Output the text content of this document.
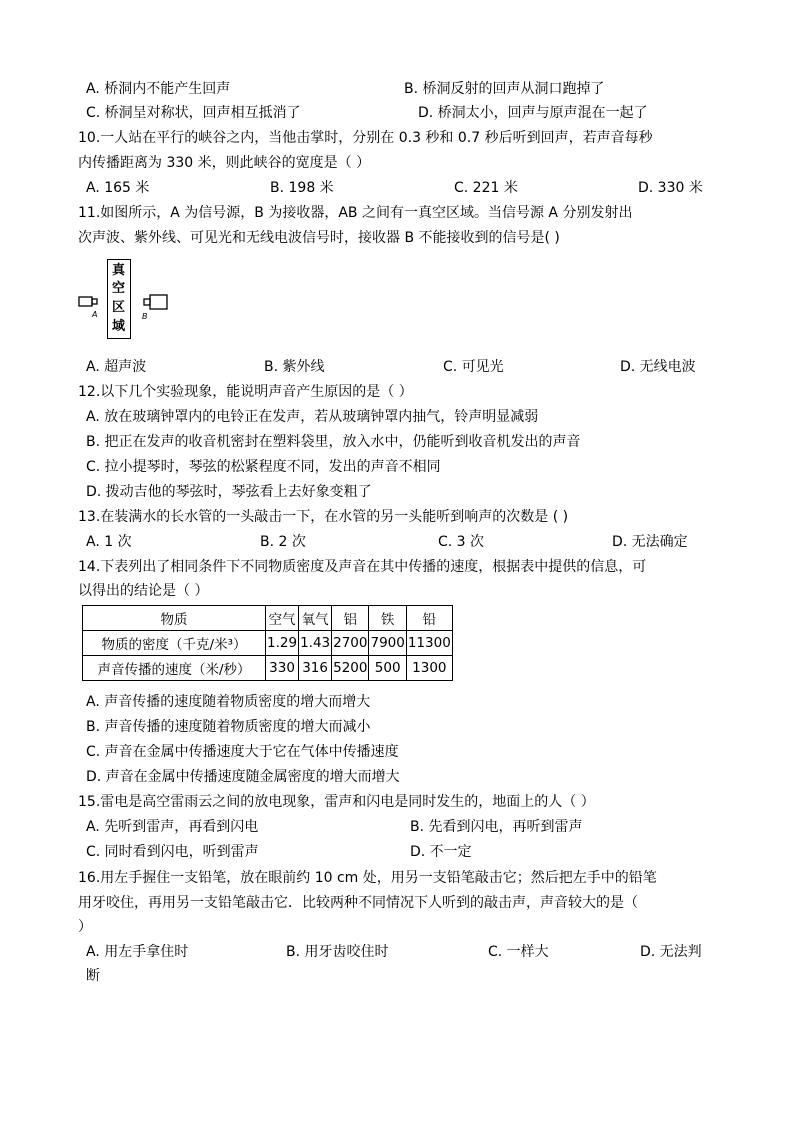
A. 桥洞内不能产生回声	B. 桥洞反射的回声从洞口跑掉了
C. 桥洞呈对称状，回声相互抵消了	D. 桥洞太小，回声与原声混在一起了
10.一人站在平行的峡谷之内，当他击掌时，分别在 0.3 秒和 0.7 秒后听到回声，若声音每秒
内传播距离为 330 米，则此峡谷的宽度是（ ）
A. 165 米	B. 198 米	C. 221 米	D. 330 米
11.如图所示，A 为信号源，B 为接收器，AB 之间有一真空区域。当信号源 A 分别发射出
次声波、紫外线、可见光和无线电波信号时，接收器 B 不能接收到的信号是( )
A
真
空
区
域
B
A. 超声波	B. 紫外线	C. 可见光	D. 无线电波
12.以下几个实验现象，能说明声音产生原因的是（ ）
A. 放在玻璃钟罩内的电铃正在发声，若从玻璃钟罩内抽气，铃声明显减弱
B. 把正在发声的收音机密封在塑料袋里，放入水中，仍能听到收音机发出的声音
C. 拉小提琴时，琴弦的松紧程度不同，发出的声音不相同
D. 拨动吉他的琴弦时，琴弦看上去好象变粗了
13.在装满水的长水管的一头敲击一下，在水管的另一头能听到响声的次数是 ( )
A. 1 次	B. 2 次	C. 3 次	D. 无法确定
14.下表列出了相同条件下不同物质密度及声音在其中传播的速度，根据表中提供的信息，可
以得出的结论是（ ）
物质	空气	氧气	铝	铁	铅
物质的密度（千克/米³）	1.29	1.43	2700	7900	11300
声音传播的速度（米/秒）	330	316	5200	500	1300
A. 声音传播的速度随着物质密度的增大而增大
B. 声音传播的速度随着物质密度的增大而减小
C. 声音在金属中传播速度大于它在气体中传播速度
D. 声音在金属中传播速度随金属密度的增大而增大
15.雷电是高空雷雨云之间的放电现象，雷声和闪电是同时发生的，地面上的人（ ）
A. 先听到雷声，再看到闪电	B. 先看到闪电，再听到雷声
C. 同时看到闪电，听到雷声	D. 不一定
16.用左手握住一支铅笔，放在眼前约 10 cm 处，用另一支铅笔敲击它；然后把左手中的铅笔
用牙咬住，再用另一支铅笔敲击它．比较两种不同情况下人听到的敲击声，声音较大的是（
）
A. 用左手拿住时	B. 用牙齿咬住时	C. 一样大	D. 无法判
断
